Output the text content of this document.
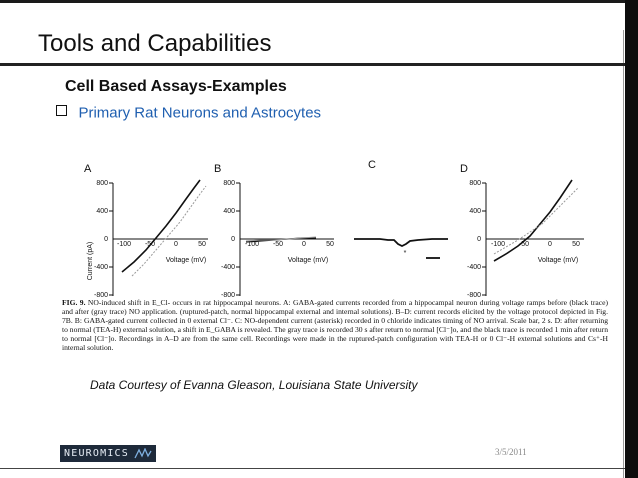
Tools and Capabilities
Cell Based Assays-Examples
Primary Rat Neurons and Astrocytes
A
Current (pA)
800
400
0
-400
-800
-100 -50	0	50
Voltage (mV)
B
800
400
0
-400
-800
-100 -50	0	50
Voltage (mV)
C
*
D
800
400
0
-400
-800
-100 -50	0	50
Voltage (mV)
FIG. 9. NO-induced shift in E_Cl- occurs in rat hippocampal neurons. A: GABA-gated currents recorded from a hippocampal neuron during voltage ramps before (black trace) and after (gray trace) NO application. (ruptured-patch, normal hippocampal external and internal solutions). B–D: current records elicited by the voltage protocol depicted in Fig. 7B. B: GABA-gated current collected in 0 external Cl⁻. C: NO-dependent current (asterisk) recorded in 0 chloride indicates timing of NO arrival. Scale bar, 2 s. D: after returning to normal (TEA-H) external solution, a shift in E_GABA is revealed. The gray trace is recorded 30 s after return to normal [Cl⁻]o, and the black trace is recorded 1 min after return to normal [Cl⁻]o. Recordings in A–D are from the same cell. Recordings were made in the ruptured-patch configuration with TEA-H or 0 Cl⁻-H external solutions and Cs⁺-H internal solution.
Data Courtesy of Evanna Gleason, Louisiana State University
NEUROMICS	3/5/2011
